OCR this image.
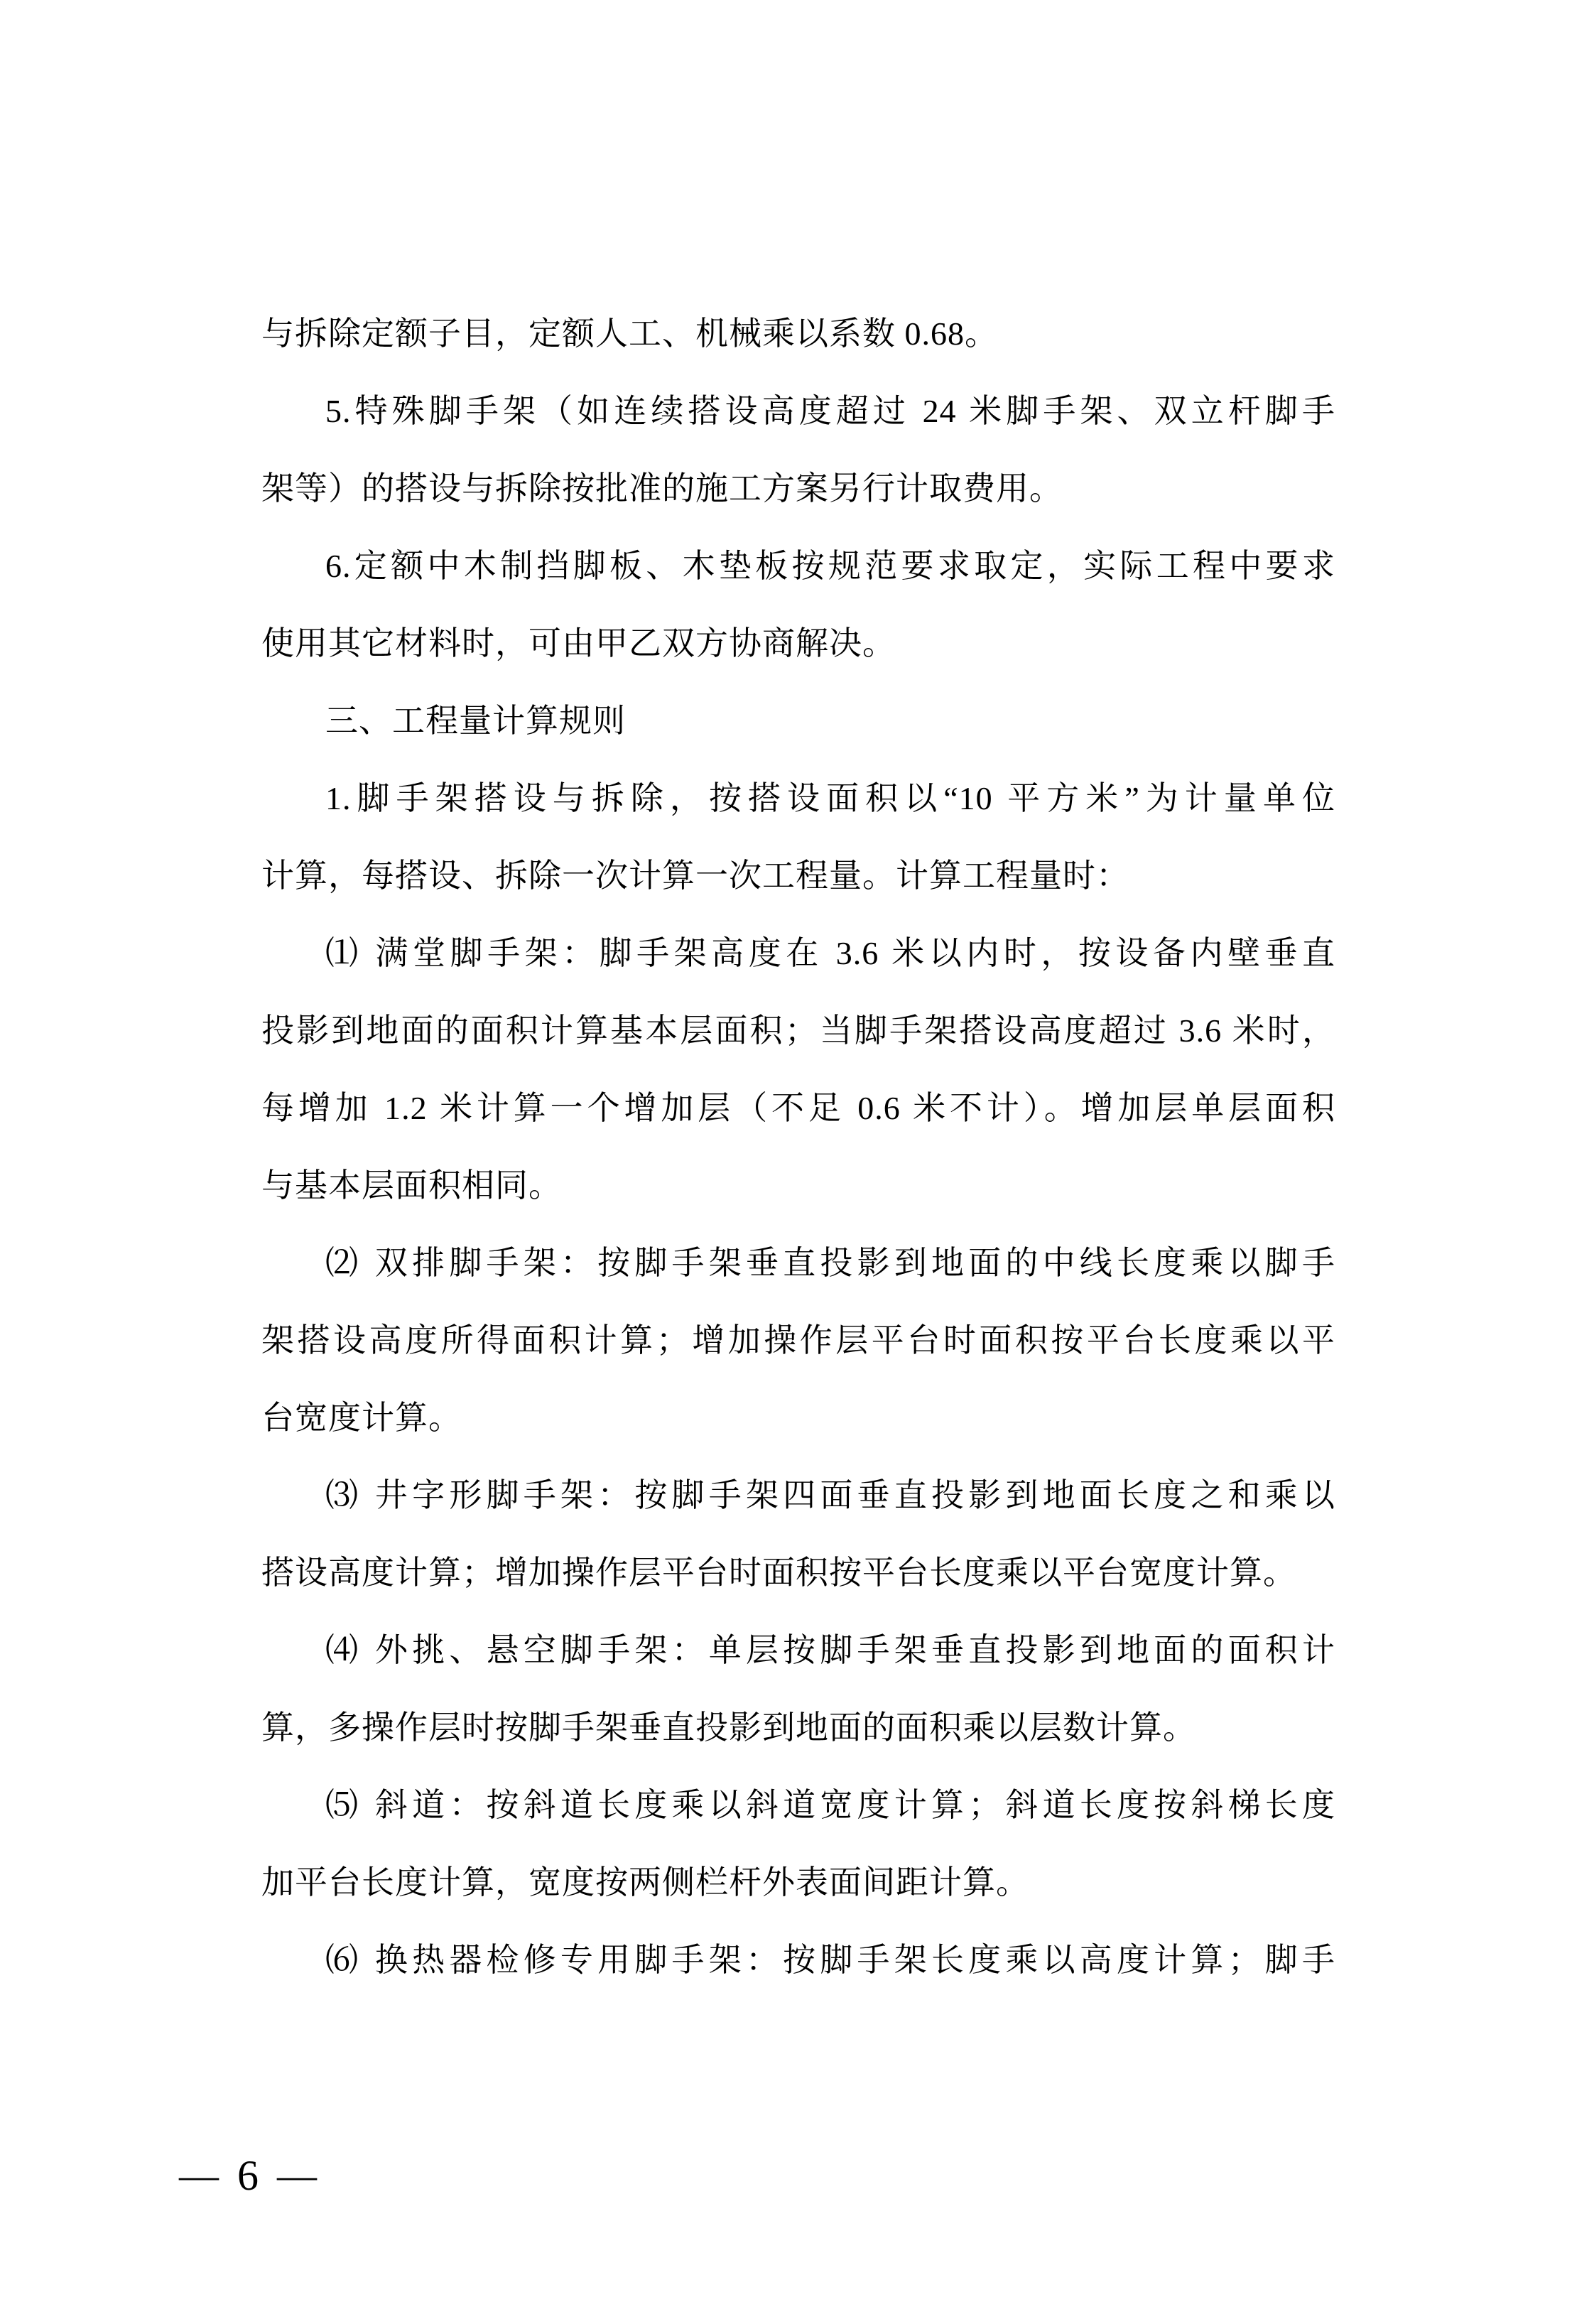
与拆除定额子目，定额人工、机械乘以系数 0.68。
5.特殊脚手架（如连续搭设高度超过 24 米脚手架、双立杆脚手
架等）的搭设与拆除按批准的施工方案另行计取费用。
6.定额中木制挡脚板、木垫板按规范要求取定，实际工程中要求
使用其它材料时，可由甲乙双方协商解决。
三、工程量计算规则
1.脚手架搭设与拆除，按搭设面积以“10 平方米”为计量单位
计算，每搭设、拆除一次计算一次工程量。计算工程量时：
⑴ 满堂脚手架：脚手架高度在 3.6 米以内时，按设备内壁垂直
投影到地面的面积计算基本层面积；当脚手架搭设高度超过 3.6 米时，
每增加 1.2 米计算一个增加层（不足 0.6 米不计）。增加层单层面积
与基本层面积相同。
⑵ 双排脚手架：按脚手架垂直投影到地面的中线长度乘以脚手
架搭设高度所得面积计算；增加操作层平台时面积按平台长度乘以平
台宽度计算。
⑶ 井字形脚手架：按脚手架四面垂直投影到地面长度之和乘以
搭设高度计算；增加操作层平台时面积按平台长度乘以平台宽度计算。
⑷ 外挑、悬空脚手架：单层按脚手架垂直投影到地面的面积计
算，多操作层时按脚手架垂直投影到地面的面积乘以层数计算。
⑸ 斜道：按斜道长度乘以斜道宽度计算；斜道长度按斜梯长度
加平台长度计算，宽度按两侧栏杆外表面间距计算。
⑹ 换热器检修专用脚手架：按脚手架长度乘以高度计算；脚手
— 6 —
